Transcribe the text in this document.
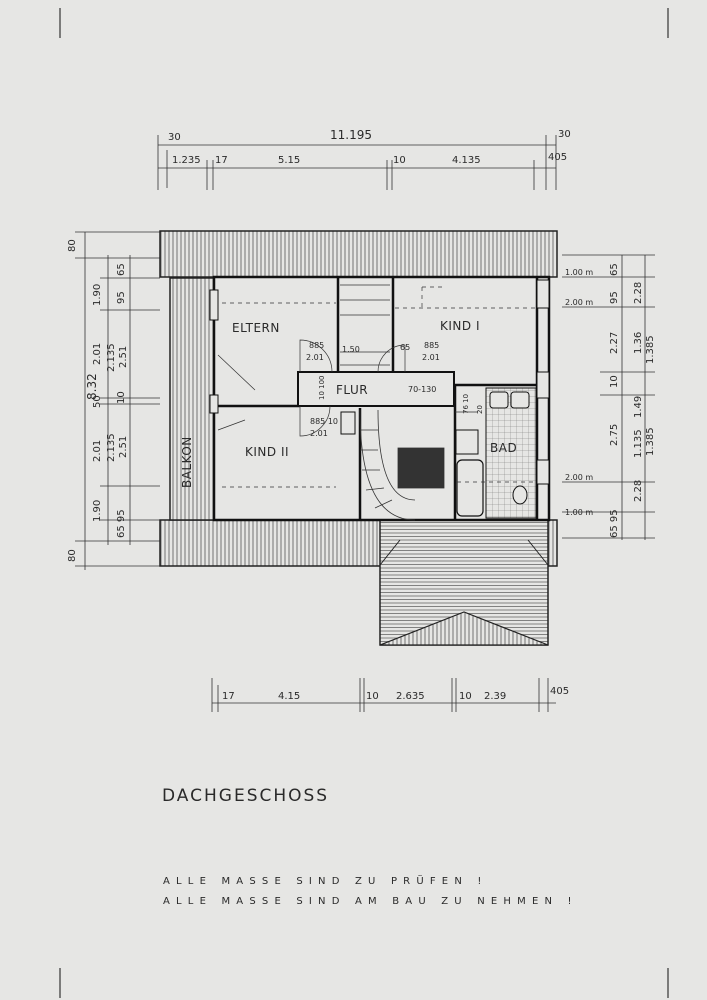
30	11.195	30
1.235 17	5.15	10	4.135	405
17	4.15	10 2.635	10 2.39	405
8.32
80
1.90
2.01
50
2.01
1.90
80
65
95
2.135 2.51
10
2.135 2.51
65 95
1.00 m
2.00 m
2.00 m
1.00 m
65
95
2.27
10
2.75
65 95
1.36
1.49
1.135
1.385
1.385
2.28
2.28
885
2.01
1.50	65 885
2.01
10 100
885 10
2.01
70-130
76 10 20
ELTERN	KIND I
KIND II
FLUR
BAD
BALKON
DACHGESCHOSS
ALLE MASSE SIND ZU PRÜFEN !
ALLE MASSE SIND AM BAU ZU NEHMEN !
